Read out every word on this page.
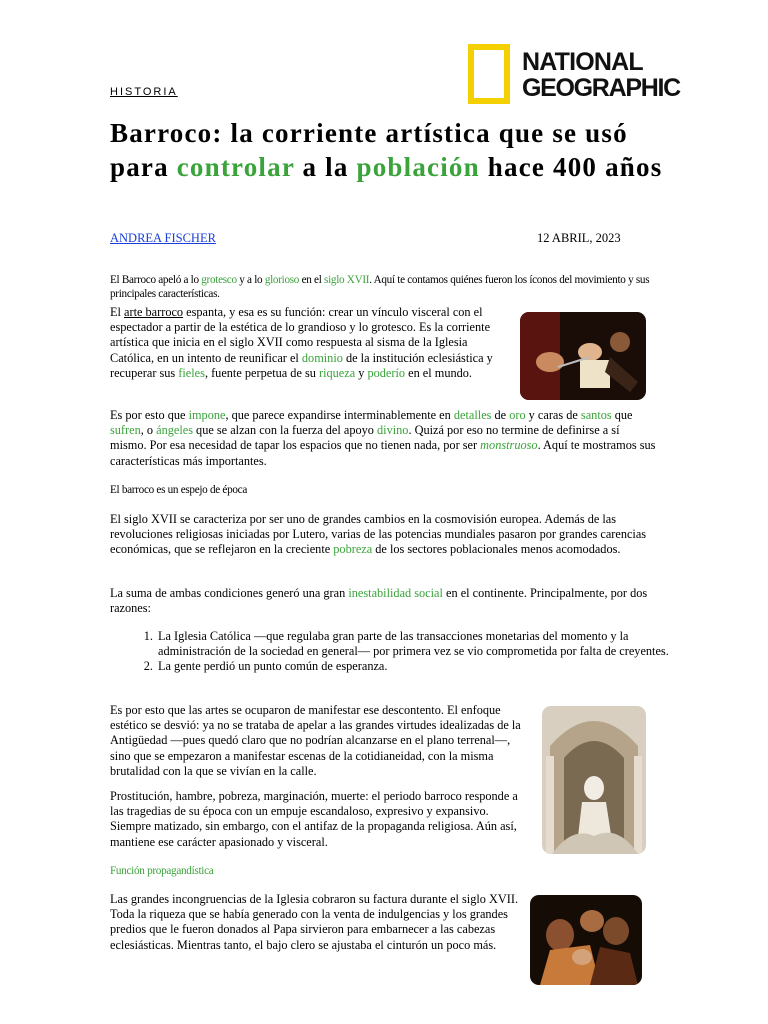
HISTORIA
NATIONAL
GEOGRAPHIC
Barroco: la corriente artística que se usó para controlar a la población hace 400 años
ANDREA FISCHER	12 ABRIL, 2023

El Barroco apeló a lo grotesco y a lo glorioso en el siglo XVII. Aquí te contamos quiénes fueron los íconos del movimiento y sus principales características.

El arte barroco espanta, y esa es su función: crear un vínculo visceral con el espectador a partir de la estética de lo grandioso y lo grotesco. Es la corriente artística que inicia en el siglo XVII como respuesta al sisma de la Iglesia Católica, en un intento de reunificar el dominio de la institución eclesiástica y recuperar sus fieles, fuente perpetua de su riqueza y poderío en el mundo.

Es por esto que impone, que parece expandirse interminablemente en detalles de oro y caras de santos que sufren, o ángeles que se alzan con la fuerza del apoyo divino. Quizá por eso no termine de definirse a sí mismo. Por esa necesidad de tapar los espacios que no tienen nada, por ser monstruoso. Aquí te mostramos sus características más importantes.

El barroco es un espejo de época

El siglo XVII se caracteriza por ser uno de grandes cambios en la cosmovisión europea. Además de las revoluciones religiosas iniciadas por Lutero, varias de las potencias mundiales pasaron por grandes carencias económicas, que se reflejaron en la creciente pobreza de los sectores poblacionales menos acomodados.

La suma de ambas condiciones generó una gran inestabilidad social en el continente. Principalmente, por dos razones:

1. La Iglesia Católica —que regulaba gran parte de las transacciones monetarias del momento y la administración de la sociedad en general— por primera vez se vio comprometida por falta de creyentes.
2. La gente perdió un punto común de esperanza.

Es por esto que las artes se ocuparon de manifestar ese descontento. El enfoque estético se desvió: ya no se trataba de apelar a las grandes virtudes idealizadas de la Antigüedad —pues quedó claro que no podrían alcanzarse en el plano terrenal—, sino que se empezaron a manifestar escenas de la cotidianeidad, con la misma brutalidad con la que se vivían en la calle.

Prostitución, hambre, pobreza, marginación, muerte: el periodo barroco responde a las tragedias de su época con un empuje escandaloso, expresivo y expansivo. Siempre matizado, sin embargo, con el antifaz de la propaganda religiosa. Aún así, mantiene ese carácter apasionado y visceral.

Función propagandística

Las grandes incongruencias de la Iglesia cobraron su factura durante el siglo XVII. Toda la riqueza que se había generado con la venta de indulgencias y los grandes predios que le fueron donados al Papa sirvieron para embarnecer a las cabezas eclesiásticas. Mientras tanto, el bajo clero se ajustaba el cinturón un poco más.
